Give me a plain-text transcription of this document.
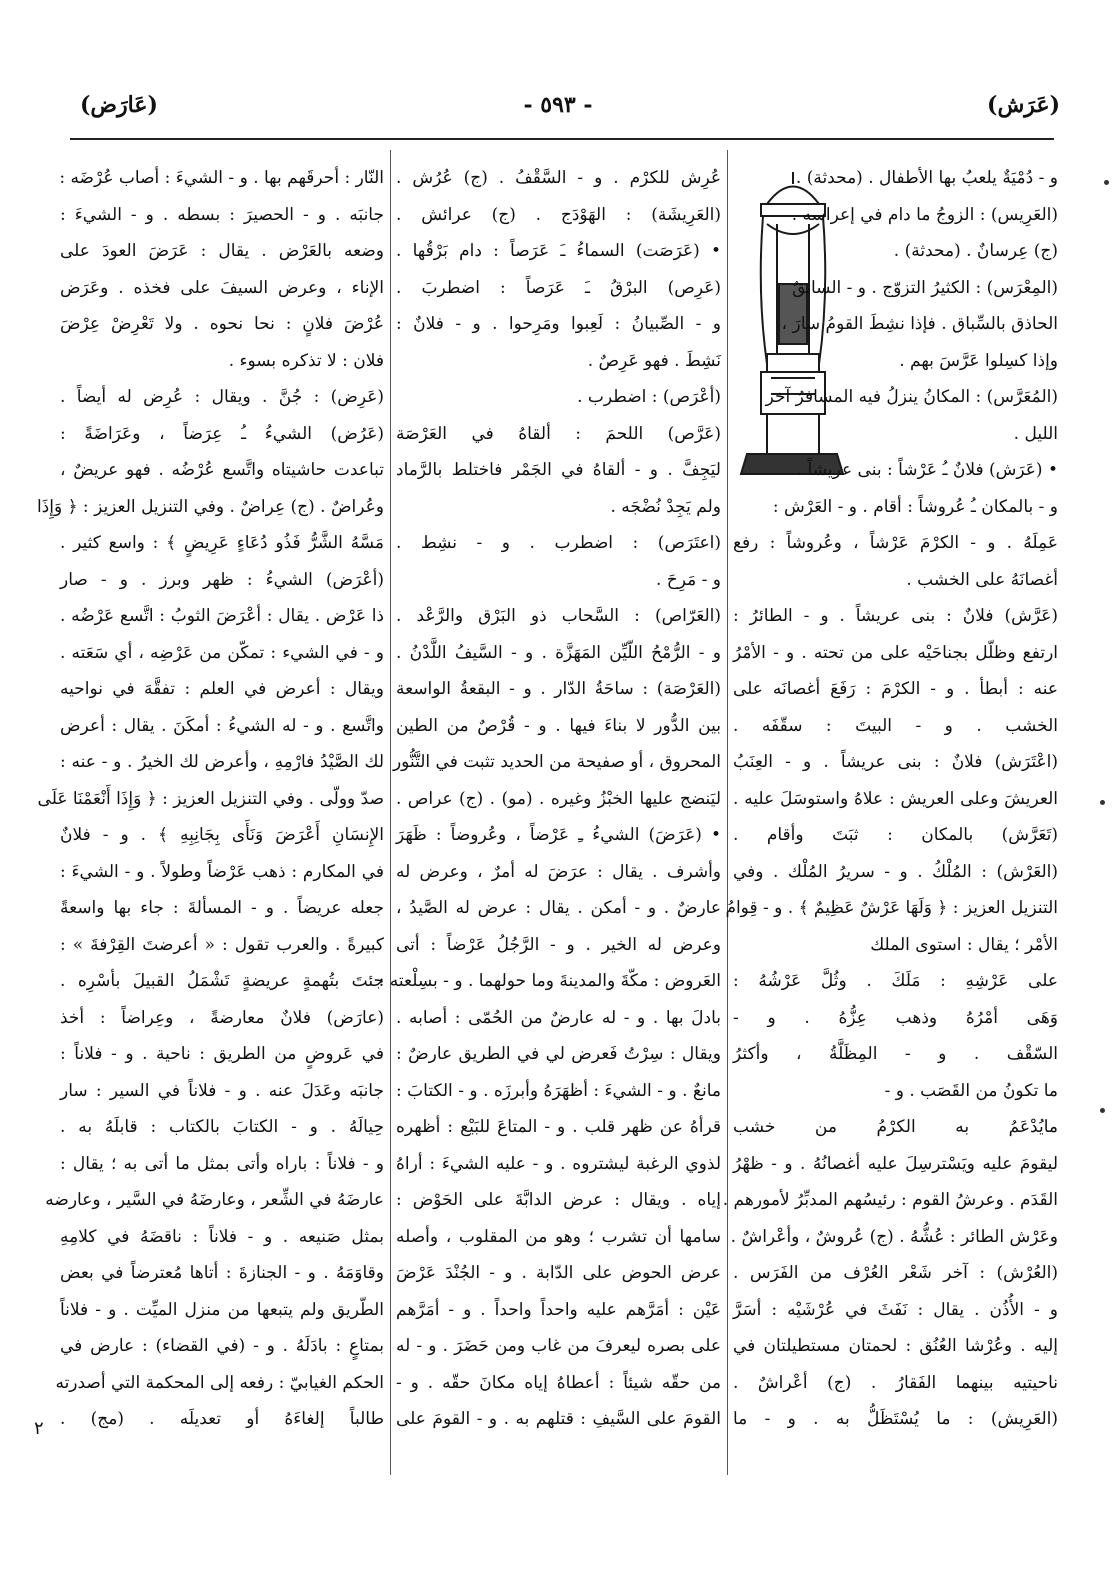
(عَرَش)
- ٥٩٣ -
(عَارَض)
و - دُمْيَةٌ يلعبُ بها الأطفال . (محدثة) .
(العَرِيس) : الزوجُ ما دام في إعراسه .
(ج) عِرسانٌ . (محدثة) .
(المِعْرَس) : الكثيرُ التزوّج . و - السائقُ
الحاذق بالسِّباق . فإذا نشِطَ القومُ سارَ ،
وإذا كسِلوا عَرَّسَ بهم .
(المُعَرَّس) : المكانُ ينزلُ فيه المسافرُ آخر
الليل .
• (عَرَش) فلانٌ ـُ عَرْشاً : بنى عريشاً .
و - بالمكان ـُ عُروشاً : أقام . و - العَرْش :
عَمِلَهُ . و - الكرْمَ عَرْشاً ، وعُروشاً : رفع
أغصانَهُ على الخشب .
(عَرَّش) فلانٌ : بنى عريشاً . و - الطائرُ :
ارتفع وظلّل بجناحَيْه على من تحته . و - الأمْرُ
عنه : أبطأ . و - الكرْمَ : رَفَعَ أغصانَه على
الخشب . و - البيتَ : سقّفَه .
(اعْتَرَش) فلانٌ : بنى عريشاً . و - العِنَبُ
العريشَ وعلى العريش : علاهُ واستوسَلَ عليه .
(تَعَرَّش) بالمكان : ثبَتَ وأقام .
(العَرْش) : المُلْكُ . و - سريرُ المُلْك . وفي
التنزيل العزيز : ﴿ وَلَهَا عَرْشٌ عَظِيمٌ ﴾ . و - قِوامُ
الأمْر ؛ يقال : استوى الملك
على عَرْشِهِ : مَلَكَ . وثُلَّ عَرْشُهُ :
وَهَى أمْرُهُ وذهب عِزُّهُ . و -
السّقْف . و - المِظَلَّةُ ، وأكثرُ
ما تكونُ من القَصَب . و -
مايُدْعَمُ به الكرْمُ من خشب
ليقومَ عليه ويَسْترسِلَ عليه أغصانُهُ . و - ظهْرُ
القَدَم . وعرشُ القوم : رئيسُهم المدبِّرُ لأمورهم .
وعَرْش الطائر : عُشُّهُ . (ج) عُروشٌ ، وأعْراشٌ .
(العُرْش) : آخر شَعْر العُرْف من الفَرَس .
و - الأُذُن . يقال : نَفَثَ في عُرْشَيْه : أسَرَّ
إليه . وعُرْشا العُنُق : لحمتان مستطيلتان في
ناحيتيه بينهما الفَقارُ . (ج) أعْراشٌ .
(العَرِيش) : ما يُسْتَظَلُّ به . و - ما
عُرِش للكرْم . و - السَّقْفُ . (ج) عُرُش .
(العَرِيشَة) : الهَوْدَج . (ج) عرائش .
• (عَرَصَت) السماءُ ـَ عَرَصاً : دام بَرْقُها .
(عَرِص) البرْقُ ـَ عَرَصاً : اضطربَ .
و - الصِّبيانُ : لَعِبوا ومَرِحوا . و - فلانٌ :
نَشِطَ . فهو عَرِصٌ .
(أعْرَص) : اضطرب .
(عَرَّص) اللحمَ : ألقاهُ في العَرْصَة
ليَجِفَّ . و - ألقاهُ في الجَمْر فاختلط بالرَّماد
ولم يَجِدْ نُضْجَه .
(اعتَرَص) : اضطرب . و - نشِط .
و - مَرِحَ .
(العَرّاص) : السَّحاب ذو البَرْق والرَّعْد .
و - الرُّمْحُ اللّيِّن المَهَزَّة . و - السَّيفُ اللَّدْنُ .
(العَرْصَة) : ساحَةُ الدّار . و - البقعةُ الواسعة
بين الدُّور لا بناءَ فيها . و - قُرْصٌ من الطين
المحروق ، أو صفيحة من الحديد تثبت في التَّنُّور
ليَنضج عليها الخبْزُ وغيره . (مو) . (ج) عراص .
• (عَرَضَ) الشيءُ ـِ عَرْضاً ، وعُروضاً : ظَهَرَ
وأشرف . يقال : عرَضَ له أمرٌ ، وعرض له
عارضٌ . و - أمكن . يقال : عرض له الصَّيدُ ،
وعرض له الخير . و - الرَّجُلُ عَرْضاً : أتى
العَروض : مكّةَ والمدينةَ وما حولهما . و - بسِلْعته :
بادلَ بها . و - له عارضٌ من الحُمّى : أصابه .
ويقال : سِرْتُ فَعرض لي في الطريق عارضٌ :
مانعٌ . و - الشيءَ : أظهَرَهُ وأبرزَه . و - الكتابَ :
قرأهُ عن ظهر قلب . و - المتاعَ للبَيْع : أظهره
لذوي الرغبة ليشتروه . و - عليه الشيءَ : أراهُ
إياه . ويقال : عرض الدابَّةَ على الحَوْض :
سامها أن تشرب ؛ وهو من المقلوب ، وأصله
عرض الحوض على الدّابة . و - الجُنْدَ عَرْضَ
عَيْن : أمَرَّهم عليه واحداً واحداً . و - أمَرَّهم
على بصره ليعرفَ من غاب ومن حَضَرَ . و - له
من حقّه شيئاً : أعطاهُ إياه مكانَ حقّه . و -
القومَ على السَّيفِ : قتلهم به . و - القومَ على
النّار : أحرقَهم بها . و - الشيءَ : أصاب عُرْضَه :
جانبَه . و - الحصيرَ : بسطه . و - الشيءَ :
وضعه بالعَرْض . يقال : عَرَضَ العودَ على
الإناء ، وعرض السيفَ على فخذه . وعَرَض
عُرْضَ فلانٍ : نحا نحوه . ولا تَعْرِضْ عِرْضَ
فلان : لا تذكره بسوء .
(عَرِض) : جُنَّ . ويقال : عُرِض له أيضاً .
(عَرُض) الشيءُ ـُ عِرَضاً ، وعَرَاضَةً :
تباعدت حاشيتاه واتَّسع عُرْضُه . فهو عريضٌ ،
وعُراضٌ . (ج) عِراضٌ . وفي التنزيل العزيز : ﴿ وَإِذَا
مَسَّهُ الشَّرُّ فَذُو دُعَاءٍ عَرِيضٍ ﴾ : واسع كثير .
(أعْرَض) الشيءُ : ظهر وبرز . و - صار
ذا عَرْض . يقال : أعْرَضَ الثوبُ : اتَّسع عَرْضُه .
و - في الشيء : تمكّن من عَرْضِه ، أي سَعَته .
ويقال : أعرض في العلم : تفقَّهَ في نواحيه
واتَّسع . و - له الشيءُ : أمكَنَ . يقال : أعرض
لك الصَّيْدُ فارْمِهِ ، وأعرض لك الخيرُ . و - عنه :
صدّ وولّى . وفي التنزيل العزيز : ﴿ وَإِذَا أَنْعَمْنَا عَلَى
الإِنسَانِ أَعْرَضَ وَنَأَى بِجَانِبِهِ ﴾ . و - فلانٌ
في المكارم : ذهب عَرْضاً وطولاً . و - الشيءَ :
جعله عريضاً . و - المسألةَ : جاء بها واسعةً
كبيرةً . والعرب تقول : « أعرضتَ القِرْفةَ » :
جئتَ بتُهمةٍ عريضةٍ تَشْمَلُ القبيلَ بأسْرِه .
(عارَض) فلانٌ معارضةً ، وعِراضاً : أخذ
في عَروضٍ من الطريق : ناحية . و - فلاناً :
جانبَه وعَدَلَ عنه . و - فلاناً في السير : سار
حِيالَهُ . و - الكتابَ بالكتاب : قابلَهُ به .
و - فلاناً : باراه وأتى بمثل ما أتى به ؛ يقال :
عارضَهُ في الشِّعر ، وعارضَهُ في السَّير ، وعارضه
بمثل صَنيعه . و - فلاناً : ناقضَهُ في كلامِهِ
وقاوَمَهُ . و - الجنازةَ : أتاها مُعترضاً في بعض
الطّريق ولم يتبعها من منزل الميِّت . و - فلاناً
بمتاعٍ : بادَلَهُ . و - (في القضاء) : عارض في
الحكم الغيابيّ : رفعه إلى المحكمة التي أصدرته
طالباً إلغاءَهُ أو تعديلَه . (مج) .
٢
